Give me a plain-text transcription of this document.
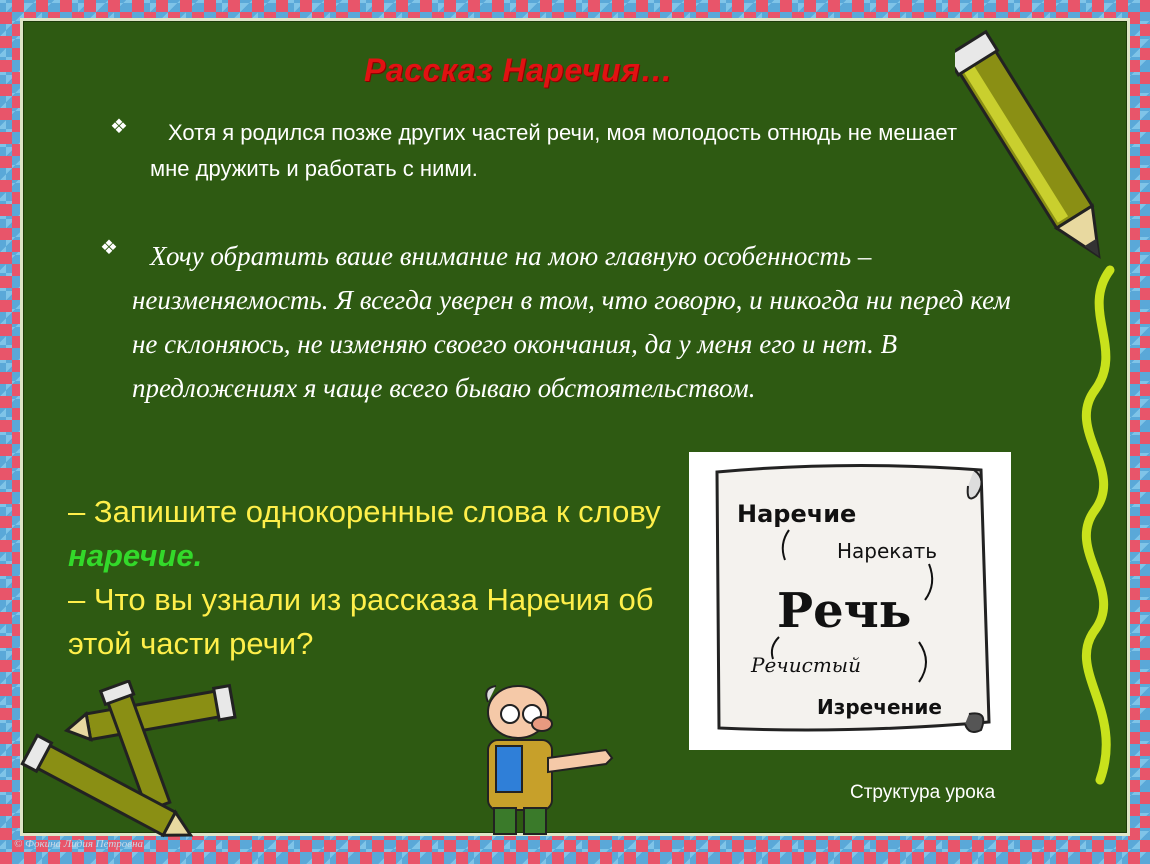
Рассказ Наречия…
❖	Хотя я родился позже других частей речи, моя молодость отнюдь не мешает мне дружить и работать с ними.
❖	Хочу обратить ваше внимание на мою главную особенность – неизменяемость. Я всегда уверен в том, что говорю, и никогда ни перед кем не склоняюсь, не изменяю своего окончания, да у меня его и нет. В предложениях я чаще всего бываю обстоятельством.
– Запишите однокоренные слова к слову наречие.
– Что вы узнали из рассказа Наречия об этой части речи?
Наречие
Нарекать
Речь
Речистый
Изречение
Структура урока
© Фокина Лидия Петровна
